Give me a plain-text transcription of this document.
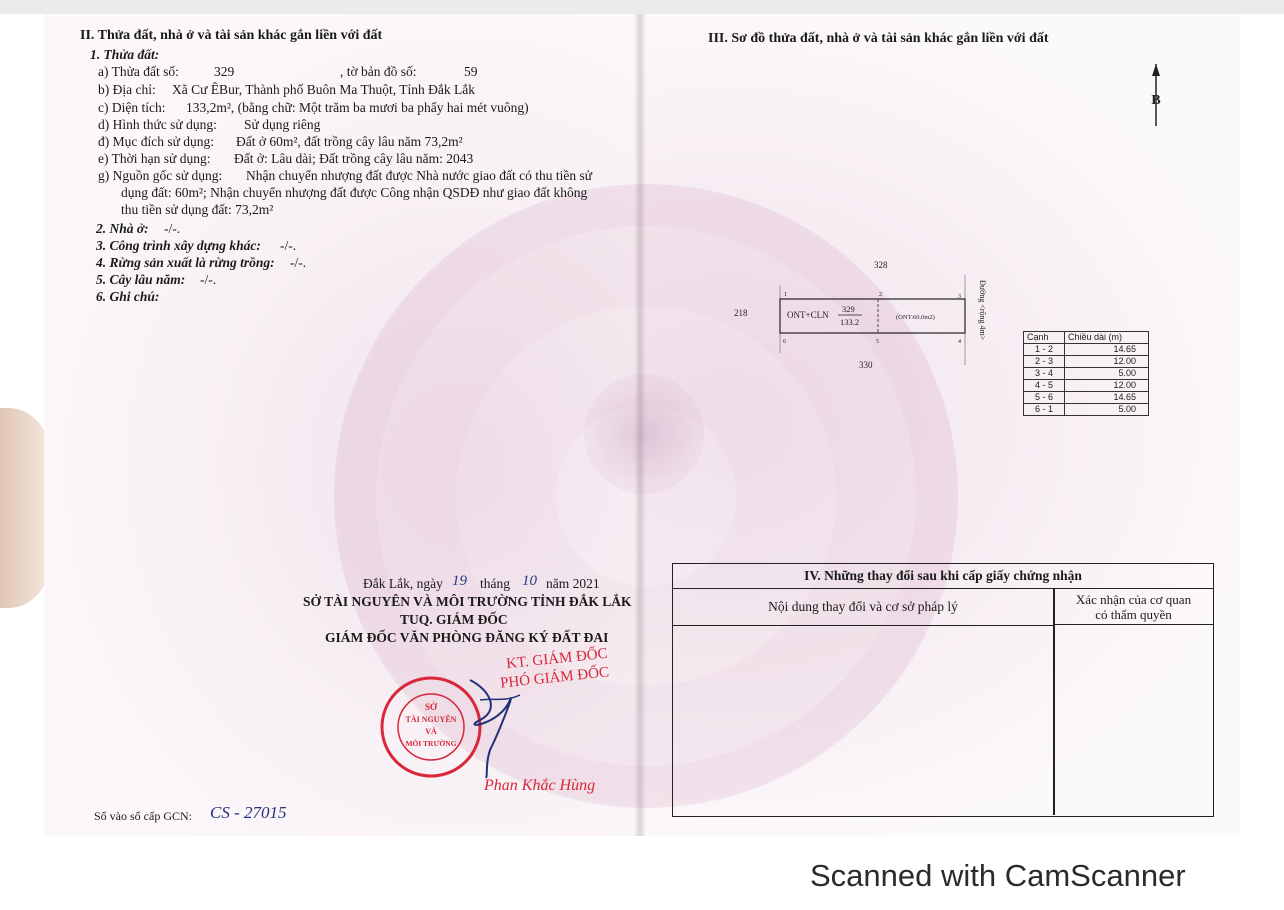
II. Thửa đất, nhà ở và tài sản khác gắn liền với đất
1. Thửa đất:
a) Thửa đất số:	329	, tờ bản đồ số:	59
b) Địa chỉ: Xã Cư ÊBur, Thành phố Buôn Ma Thuột, Tỉnh Đắk Lắk
c) Diện tích: 133,2m², (bằng chữ: Một trăm ba mươi ba phẩy hai mét vuông)
d) Hình thức sử dụng: Sử dụng riêng
đ) Mục đích sử dụng: Đất ở 60m², đất trồng cây lâu năm 73,2m²
e) Thời hạn sử dụng: Đất ở: Lâu dài; Đất trồng cây lâu năm: 2043
g) Nguồn gốc sử dụng: Nhận chuyển nhượng đất được Nhà nước giao đất có thu tiền sử
dụng đất: 60m²; Nhận chuyển nhượng đất được Công nhận QSDĐ như giao đất không
thu tiền sử dụng đất: 73,2m²
2. Nhà ở: -/-.
3. Công trình xây dựng khác: -/-.
4. Rừng sản xuất là rừng trồng: -/-.
5. Cây lâu năm: -/-.
6. Ghi chú:
Đắk Lắk, ngày 19 tháng 10 năm 2021
SỞ TÀI NGUYÊN VÀ MÔI TRƯỜNG TỈNH ĐẮK LẮK
TUQ. GIÁM ĐỐC
GIÁM ĐỐC VĂN PHÒNG ĐĂNG KÝ ĐẤT ĐAI
KT. GIÁM ĐỐC
PHÓ GIÁM ĐỐC
SỞ
TÀI NGUYÊN
VÀ
MÔI TRƯỜNG
Phan Khắc Hùng
Số vào sổ cấp GCN: CS - 27015
III. Sơ đồ thửa đất, nhà ở và tài sản khác gắn liền với đất
B
328
218
330
ONT+CLN
329
133.2	(ONT:60.0m2)
1	2	3
4
5
6
Đường <rộng 4m>	Cạnh	Chiều dài (m)
1 - 2	14.65
2 - 3	12.00
3 - 4	5.00
4 - 5	12.00
5 - 6	14.65
6 - 1	5.00
IV. Những thay đổi sau khi cấp giấy chứng nhận
Nội dung thay đổi và cơ sở pháp lý	Xác nhận của cơ quan
có thẩm quyền
Scanned with CamScanner
